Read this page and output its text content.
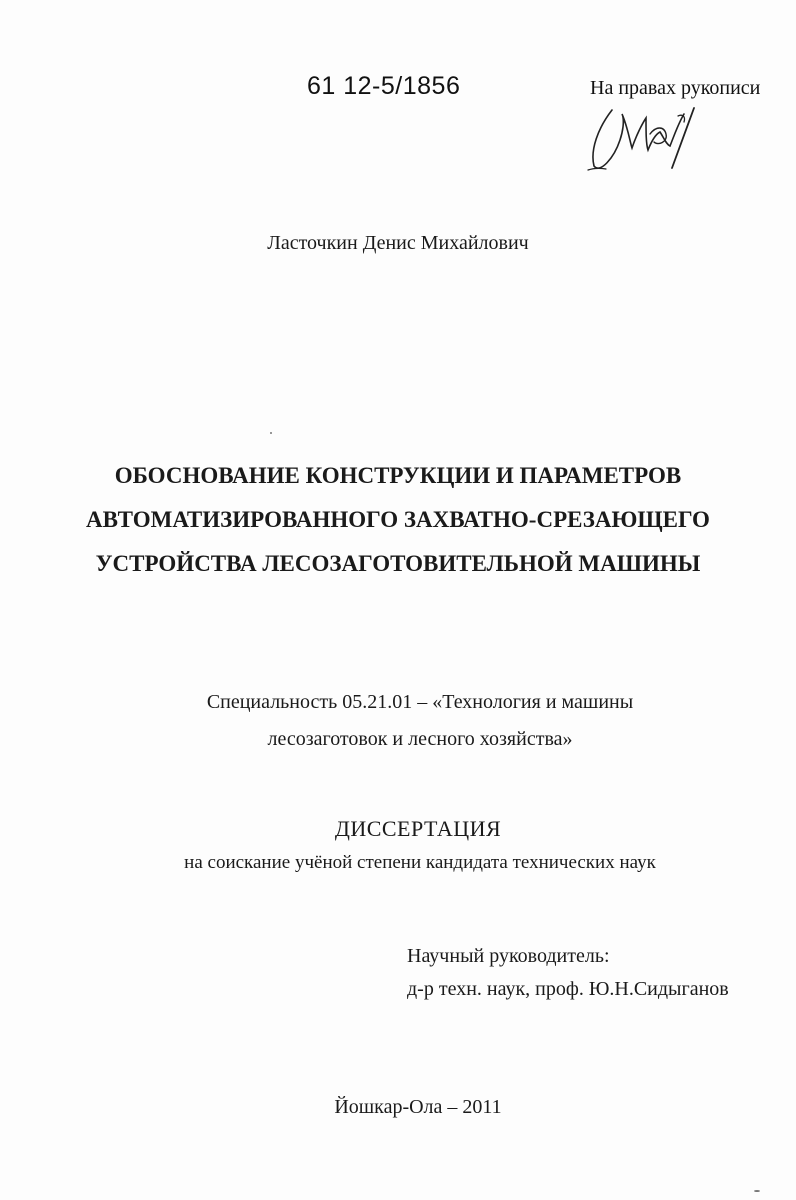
61 12-5/1856	На правах рукописи
Ласточкин Денис Михайлович
ОБОСНОВАНИЕ КОНСТРУКЦИИ И ПАРАМЕТРОВ
АВТОМАТИЗИРОВАННОГО ЗАХВАТНО-СРЕЗАЮЩЕГО
УСТРОЙСТВА ЛЕСОЗАГОТОВИТЕЛЬНОЙ МАШИНЫ
Специальность 05.21.01 – «Технология и машины
лесозаготовок и лесного хозяйства»
ДИССЕРТАЦИЯ
на соискание учёной степени кандидата технических наук
Научный руководитель:
д-р техн. наук, проф. Ю.Н.Сидыганов
Йошкар-Ола – 2011
